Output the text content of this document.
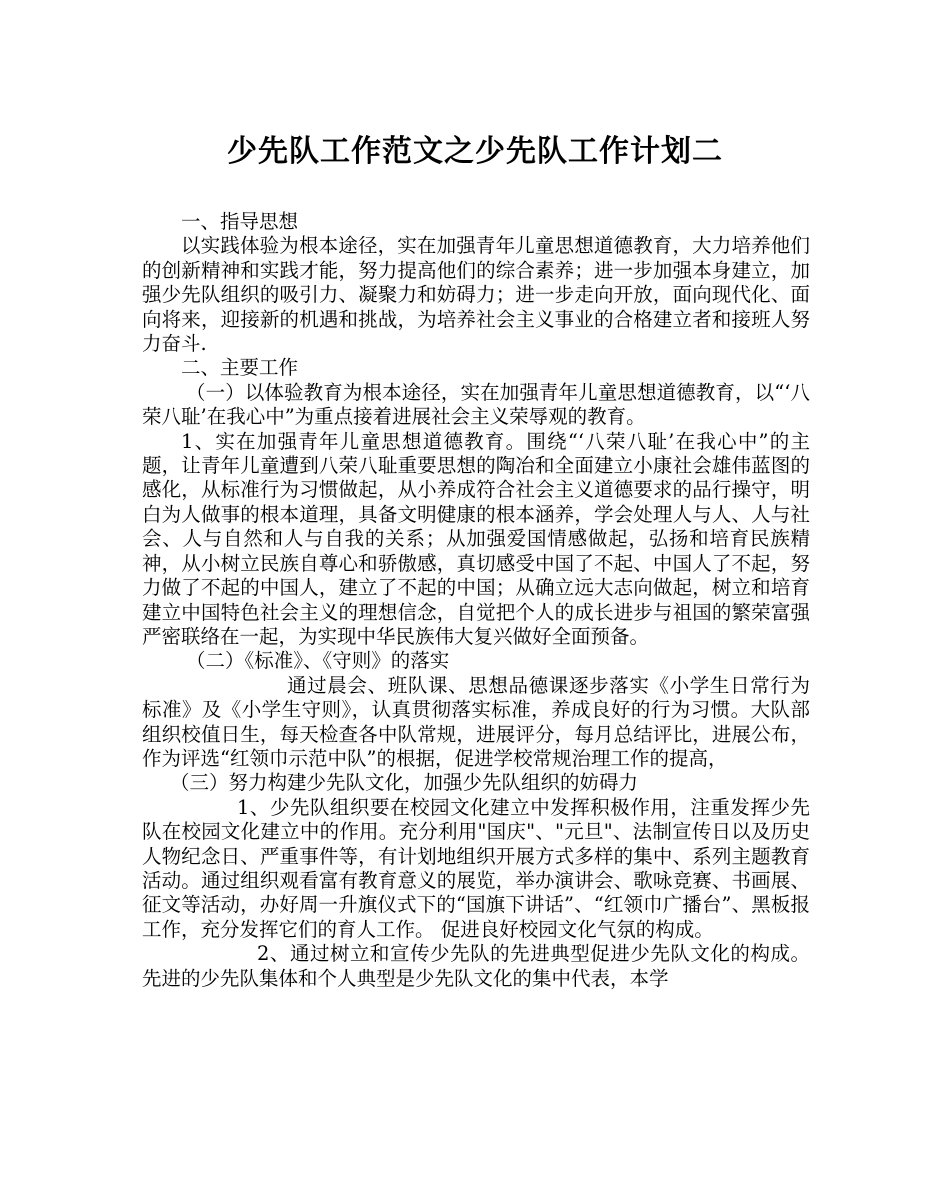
少先队工作范文之少先队工作计划二

一、指导思想

以实践体验为根本途径，实在加强青年儿童思想道德教育，大力培养他们的创新精神和实践才能，努力提高他们的综合素养；进一步加强本身建立，加强少先队组织的吸引力、凝聚力和妨碍力；进一步走向开放，面向现代化、面向将来，迎接新的机遇和挑战，为培养社会主义事业的合格建立者和接班人努力奋斗.

二、主要工作

（一）以体验教育为根本途径，实在加强青年儿童思想道德教育，以“‘八荣八耻’在我心中”为重点接着进展社会主义荣辱观的教育。

1、实在加强青年儿童思想道德教育。围绕“‘八荣八耻’在我心中”的主题，让青年儿童遭到八荣八耻重要思想的陶冶和全面建立小康社会雄伟蓝图的感化，从标准行为习惯做起，从小养成符合社会主义道德要求的品行操守，明白为人做事的根本道理，具备文明健康的根本涵养，学会处理人与人、人与社会、人与自然和人与自我的关系；从加强爱国情感做起，弘扬和培育民族精神，从小树立民族自尊心和骄傲感，真切感受中国了不起、中国人了不起，努力做了不起的中国人，建立了不起的中国；从确立远大志向做起，树立和培育建立中国特色社会主义的理想信念，自觉把个人的成长进步与祖国的繁荣富强严密联络在一起，为实现中华民族伟大复兴做好全面预备。

（二）《标准》、《守则》的落实

通过晨会、班队课、思想品德课逐步落实《小学生日常行为标准》及《小学生守则》，认真贯彻落实标准，养成良好的行为习惯。大队部组织校值日生，每天检查各中队常规，进展评分，每月总结评比，进展公布，作为评选“红领巾示范中队”的根据，促进学校常规治理工作的提高，

（三）努力构建少先队文化，加强少先队组织的妨碍力

1、少先队组织要在校园文化建立中发挥积极作用，注重发挥少先队在校园文化建立中的作用。充分利用"国庆"、"元旦"、法制宣传日以及历史人物纪念日、严重事件等，有计划地组织开展方式多样的集中、系列主题教育活动。通过组织观看富有教育意义的展览，举办演讲会、歌咏竞赛、书画展、征文等活动，办好周一升旗仪式下的“国旗下讲话”、“红领巾广播台”、黑板报工作，充分发挥它们的育人工作。 促进良好校园文化气氛的构成。

2、通过树立和宣传少先队的先进典型促进少先队文化的构成。先进的少先队集体和个人典型是少先队文化的集中代表，本学
